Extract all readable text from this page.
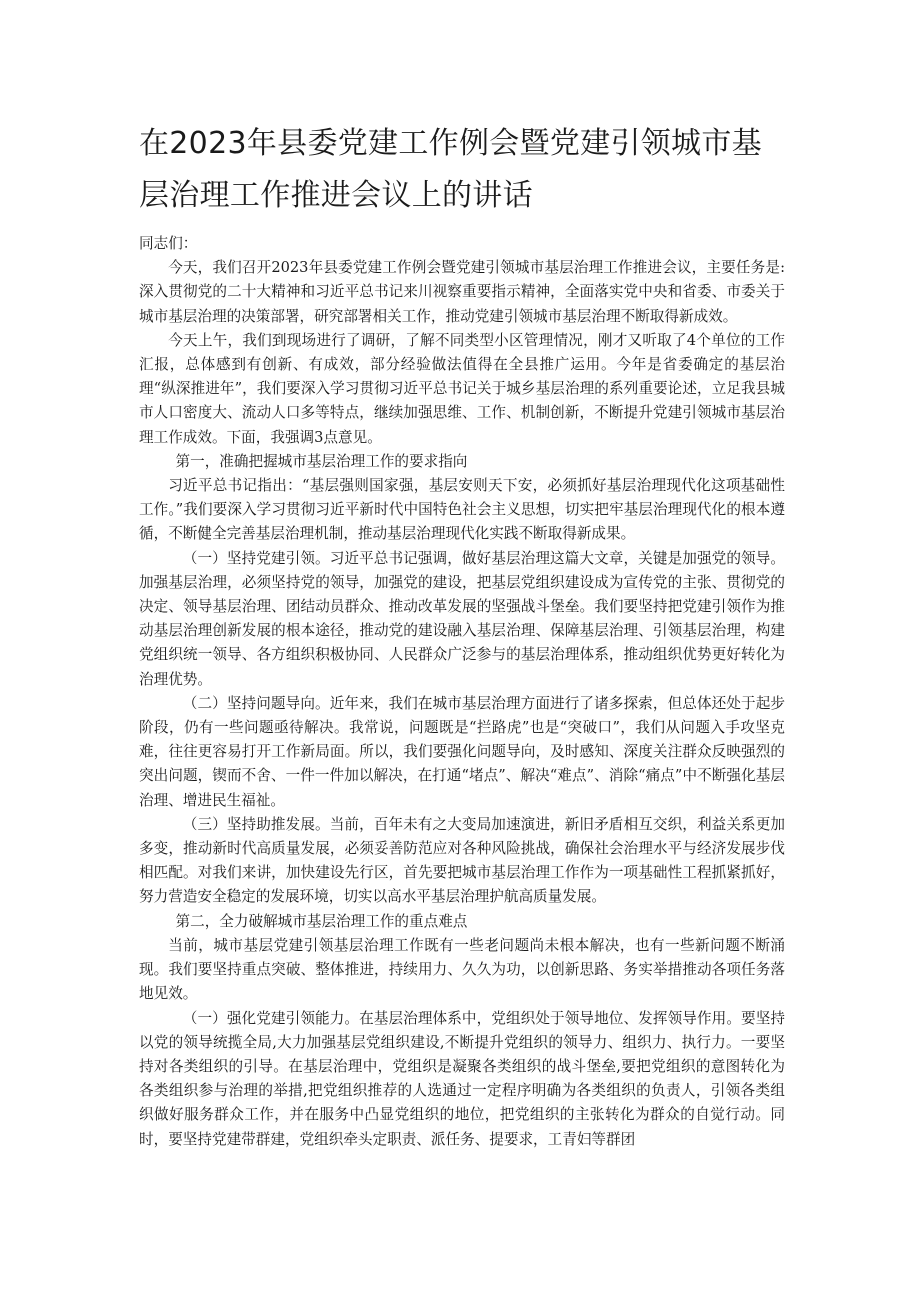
在2023年县委党建工作例会暨党建引领城市基层治理工作推进会议上的讲话

同志们：

今天，我们召开2023年县委党建工作例会暨党建引领城市基层治理工作推进会议，主要任务是: 深入贯彻党的二十大精神和习近平总书记来川视察重要指示精神，全面落实党中央和省委、市委关于城市基层治理的决策部署，研究部署相关工作，推动党建引领城市基层治理不断取得新成效。

今天上午，我们到现场进行了调研，了解不同类型小区管理情况，刚才又听取了4个单位的工作汇报，总体感到有创新、有成效，部分经验做法值得在全县推广运用。今年是省委确定的基层治理“纵深推进年”，我们要深入学习贯彻习近平总书记关于城乡基层治理的系列重要论述，立足我县城市人口密度大、流动人口多等特点，继续加强思维、工作、机制创新，不断提升党建引领城市基层治理工作成效。下面，我强调3点意见。

第一，准确把握城市基层治理工作的要求指向

习近平总书记指出：“基层强则国家强，基层安则天下安，必须抓好基层治理现代化这项基础性工作。”我们要深入学习贯彻习近平新时代中国特色社会主义思想，切实把牢基层治理现代化的根本遵循，不断健全完善基层治理机制，推动基层治理现代化实践不断取得新成果。

（一）坚持党建引领。习近平总书记强调，做好基层治理这篇大文章，关键是加强党的领导。加强基层治理，必须坚持党的领导，加强党的建设，把基层党组织建设成为宣传党的主张、贯彻党的决定、领导基层治理、团结动员群众、推动改革发展的坚强战斗堡垒。我们要坚持把党建引领作为推动基层治理创新发展的根本途径，推动党的建设融入基层治理、保障基层治理、引领基层治理，构建党组织统一领导、各方组织积极协同、人民群众广泛参与的基层治理体系，推动组织优势更好转化为治理优势。

（二）坚持问题导向。近年来，我们在城市基层治理方面进行了诸多探索，但总体还处于起步阶段，仍有一些问题亟待解决。我常说，问题既是“拦路虎”也是“突破口”，我们从问题入手攻坚克难，往往更容易打开工作新局面。所以，我们要强化问题导向，及时感知、深度关注群众反映强烈的突出问题，锲而不舍、一件一件加以解决，在打通“堵点”、解决“难点”、消除“痛点”中不断强化基层治理、增进民生福祉。

（三）坚持助推发展。当前，百年未有之大变局加速演进，新旧矛盾相互交织，利益关系更加多变，推动新时代高质量发展，必须妥善防范应对各种风险挑战，确保社会治理水平与经济发展步伐相匹配。对我们来讲，加快建设先行区，首先要把城市基层治理工作作为一项基础性工程抓紧抓好，努力营造安全稳定的发展环境，切实以高水平基层治理护航高质量发展。

第二，全力破解城市基层治理工作的重点难点

当前，城市基层党建引领基层治理工作既有一些老问题尚未根本解决，也有一些新问题不断涌现。我们要坚持重点突破、整体推进，持续用力、久久为功，以创新思路、务实举措推动各项任务落地见效。

（一）强化党建引领能力。在基层治理体系中，党组织处于领导地位、发挥领导作用。要坚持以党的领导统揽全局,大力加强基层党组织建设,不断提升党组织的领导力、组织力、执行力。一要坚持对各类组织的引导。在基层治理中，党组织是凝聚各类组织的战斗堡垒,要把党组织的意图转化为各类组织参与治理的举措,把党组织推荐的人选通过一定程序明确为各类组织的负责人，引领各类组织做好服务群众工作，并在服务中凸显党组织的地位，把党组织的主张转化为群众的自觉行动。同时，要坚持党建带群建，党组织牵头定职责、派任务、提要求，工青妇等群团
